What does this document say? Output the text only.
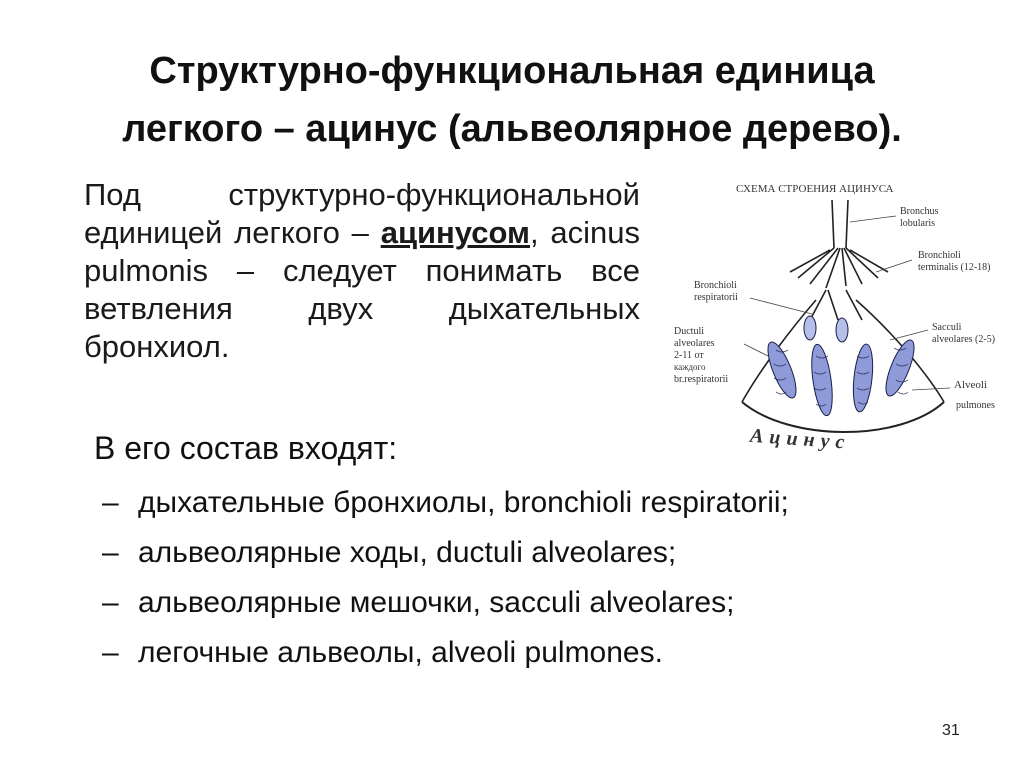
Структурно-функциональная единица
легкого – ацинус (альвеолярное дерево).

Под структурно-функциональной единицей легкого – ацинусом, acinus pulmonis – следует понимать все ветвления двух дыхательных бронхиол.

СХЕМА СТРОЕНИЯ АЦИНУСА
Bronchus
lobularis
Bronchioli
terminalis (12-18)
Bronchioli
respiratorii
Ductuli
alveolares
2-11 от
каждого
br.respiratorii
Sacculi
alveolares (2-5)
Alveoli
pulmones
Ацинус

В его состав входят:

– дыхательные бронхиолы, bronchioli respiratorii;
– альвеолярные ходы, ductuli alveolares;
– альвеолярные мешочки, sacculi alveolares;
– легочные альвеолы, alveoli pulmones.
31
